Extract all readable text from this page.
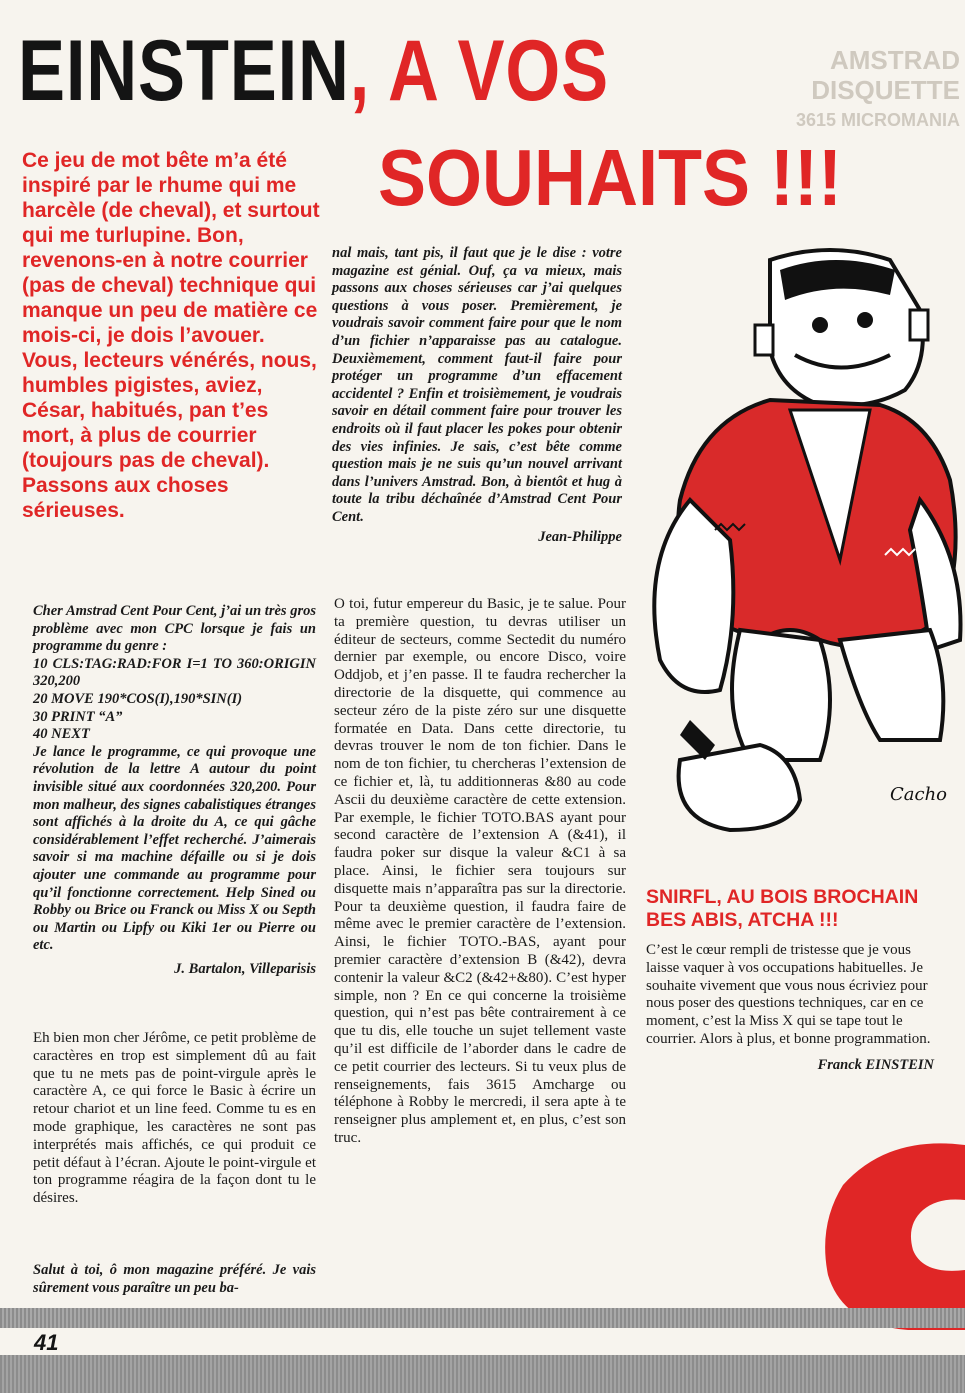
AMSTRAD
DISQUETTE
3615 MICROMANIA
EINSTEIN, A VOS
SOUHAITS !!!
Ce jeu de mot bête m’a été inspiré par le rhume qui me harcèle (de cheval), et surtout qui me turlupine. Bon, revenons-en à notre courrier (pas de cheval) technique qui manque un peu de matière ce mois-ci, je dois l’avouer. Vous, lecteurs vénérés, nous, humbles pigistes, aviez, César, habitués, pan t’es mort, à plus de courrier (toujours pas de cheval). Passons aux choses sérieuses.

nal mais, tant pis, il faut que je le dise : votre magazine est génial. Ouf, ça va mieux, mais passons aux choses sérieuses car j’ai quelques questions à vous poser. Premièrement, je voudrais savoir comment faire pour que le nom d’un fichier n’apparaisse pas au catalogue. Deuxièmement, comment faut-il faire pour protéger un programme d’un effacement accidentel ? Enfin et troisièmement, je voudrais savoir en détail comment faire pour trouver les endroits où il faut placer les pokes pour obtenir des vies infinies. Je sais, c’est bête comme question mais je ne suis qu’un nouvel arrivant dans l’univers Amstrad. Bon, à bientôt et hug à toute la tribu déchaînée d’Amstrad Cent Pour Cent.

Jean-Philippe

Cher Amstrad Cent Pour Cent, j’ai un très gros problème avec mon CPC lorsque je fais un programme du genre :

10 CLS:TAG:RAD:FOR I=1 TO 360:ORIGIN 320,200
20 MOVE 190*COS(I),190*SIN(I)
30 PRINT “A”
40 NEXT

Je lance le programme, ce qui provoque une révolution de la lettre A autour du point invisible situé aux coordonnées 320,200. Pour mon malheur, des signes cabalistiques étranges sont affichés à la droite du A, ce qui gâche considérablement l’effet recherché. J’aimerais savoir si ma machine défaille ou si je dois ajouter une commande au programme pour qu’il fonctionne correctement. Help Sined ou Robby ou Brice ou Franck ou Miss X ou Septh ou Martin ou Lipfy ou Kiki 1er ou Pierre ou etc.

J. Bartalon, Villeparisis

Eh bien mon cher Jérôme, ce petit problème de caractères en trop est simplement dû au fait que tu ne mets pas de point-virgule après le caractère A, ce qui force le Basic à écrire un retour chariot et un line feed. Comme tu es en mode graphique, les caractères ne sont pas interprétés mais affichés, ce qui produit ce petit défaut à l’écran. Ajoute le point-virgule et ton programme réagira de la façon dont tu le désires.

Salut à toi, ô mon magazine préféré. Je vais sûrement vous paraître un peu ba-

O toi, futur empereur du Basic, je te salue. Pour ta première question, tu devras utiliser un éditeur de secteurs, comme Sectedit du numéro dernier par exemple, ou encore Disco, voire Oddjob, et j’en passe. Il te faudra rechercher la directorie de la disquette, qui commence au secteur zéro de la piste zéro sur une disquette formatée en Data. Dans cette directorie, tu devras trouver le nom de ton fichier. Dans le nom de ton fichier, tu chercheras l’extension de ce fichier et, là, tu additionneras &80 au code Ascii du deuxième caractère de cette extension. Par exemple, le fichier TOTO.BAS ayant pour second caractère de l’extension A (&41), il faudra poker sur disque la valeur &C1 à sa place. Ainsi, le fichier sera toujours sur disquette mais n’apparaîtra pas sur la directorie. Pour ta deuxième question, il faudra faire de même avec le premier caractère de l’extension. Ainsi, le fichier TOTO.-BAS, ayant pour premier caractère d’extension B (&42), devra contenir la valeur &C2 (&42+&80). C’est hyper simple, non ? En ce qui concerne la troisième question, qui n’est pas bête contrairement à ce que tu dis, elle touche un sujet tellement vaste qu’il est difficile de l’aborder dans le cadre de ce petit courrier des lecteurs. Si tu veux plus de renseignements, fais 3615 Amcharge ou téléphone à Robby le mercredi, il sera apte à te renseigner plus amplement et, en plus, c’est son truc.

Cacho
SNIRFL, AU BOIS BROCHAIN BES ABIS, ATCHA !!!

C’est le cœur rempli de tristesse que je vous laisse vaquer à vos occupations habituelles. Je souhaite vivement que vous nous écriviez pour nous poser des questions techniques, car en ce moment, c’est la Miss X qui se tape tout le courrier. Alors à plus, et bonne programmation.

Franck EINSTEIN

41
